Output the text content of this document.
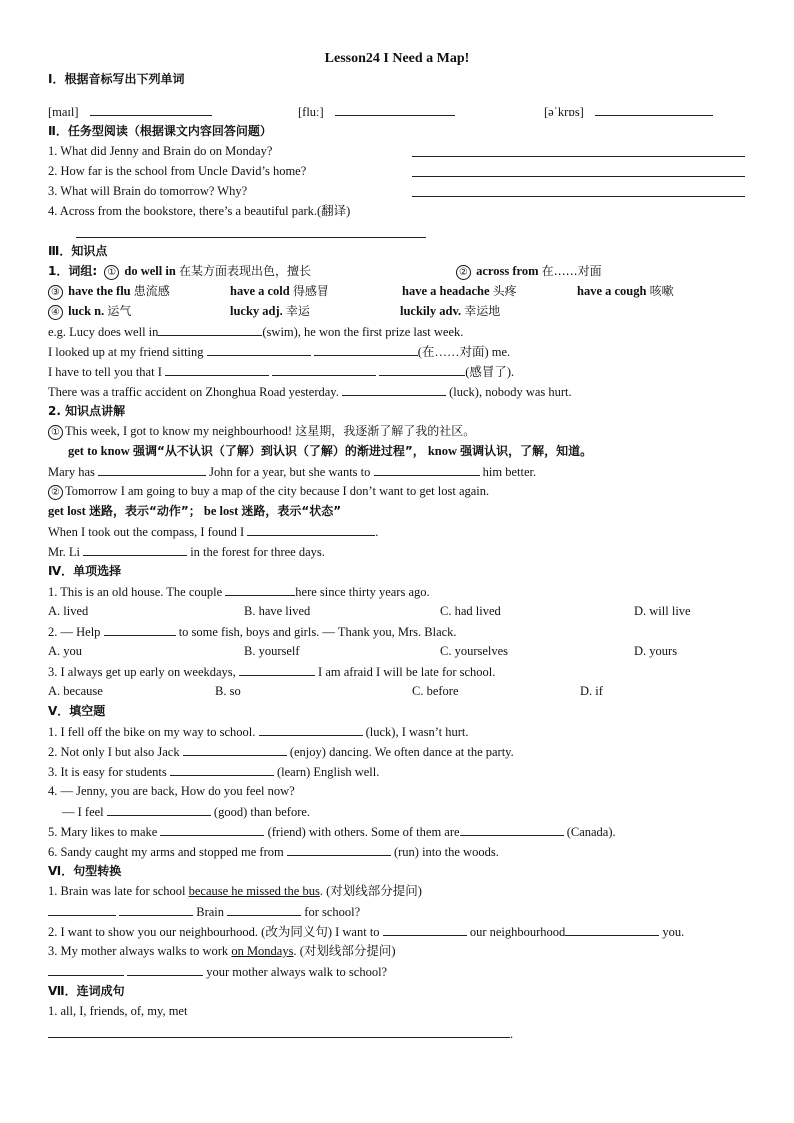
Lesson24 I Need a Map!
Ⅰ．根据音标写出下列单词
[maɪl]	[fluː]	[əˈkrɒs]
Ⅱ．任务型阅读（根据课文内容回答问题）
1. What did Jenny and Brain do on Monday?
2. How far is the school from Uncle David’s home?
3. What will Brain do tomorrow? Why?
4. Across from the bookstore, there’s a beautiful park.(翻译)
Ⅲ．知识点
1．词组: ① do well in 在某方面表现出色，擅长	② across from 在……对面
③ have the flu 患流感	have a cold 得感冒	have a headache 头疼	have a cough 咳嗽
④ luck n. 运气	lucky adj. 幸运	luckily adv. 幸运地
e.g. Lucy does well in	(swim), he won the first prize last week.
I looked up at my friend sitting	(在……对面) me.
I have to tell you that I	(感冒了).
There was a traffic accident on Zhonghua Road yesterday.	(luck), nobody was hurt.
2. 知识点讲解
① This week, I got to know my neighbourhood! 这星期，我逐渐了解了我的社区。
get to know 强调“从不认识（了解）到认识（了解）的渐进过程”， know 强调认识，了解，知道。
Mary has	John for a year, but she wants to	him better.
② Tomorrow I am going to buy a map of the city because I don’t want to get lost again.
get lost 迷路，表示“动作”； be lost 迷路，表示“状态”
When I took out the compass, I found I	.
Mr. Li	in the forest for three days.
Ⅳ．单项选择
1. This is an old house. The couple	here since thirty years ago.
A. lived	B. have lived	C. had lived	D. will live
2. — Help	to some fish, boys and girls. — Thank you, Mrs. Black.
A. you	B. yourself	C. yourselves	D. yours
3. I always get up early on weekdays,	I am afraid I will be late for school.
A. because	B. so	C. before	D. if
Ⅴ．填空题
1. I fell off the bike on my way to school.	(luck), I wasn’t hurt.
2. Not only I but also Jack	(enjoy) dancing. We often dance at the party.
3. It is easy for students	(learn) English well.
4. — Jenny, you are back, How do you feel now?
— I feel	(good) than before.
5. Mary likes to make	(friend) with others. Some of them are	(Canada).
6. Sandy caught my arms and stopped me from	(run) into the woods.
Ⅵ．句型转换
1. Brain was late for school because he missed the bus. (对划线部分提问)
Brain	for school?
2. I want to show you our neighbourhood. (改为同义句) I want to	our neighbourhood	you.
3. My mother always walks to work on Mondays. (对划线部分提问)
your mother always walk to school?
Ⅶ．连词成句
1. all, I, friends, of, my, met
.
